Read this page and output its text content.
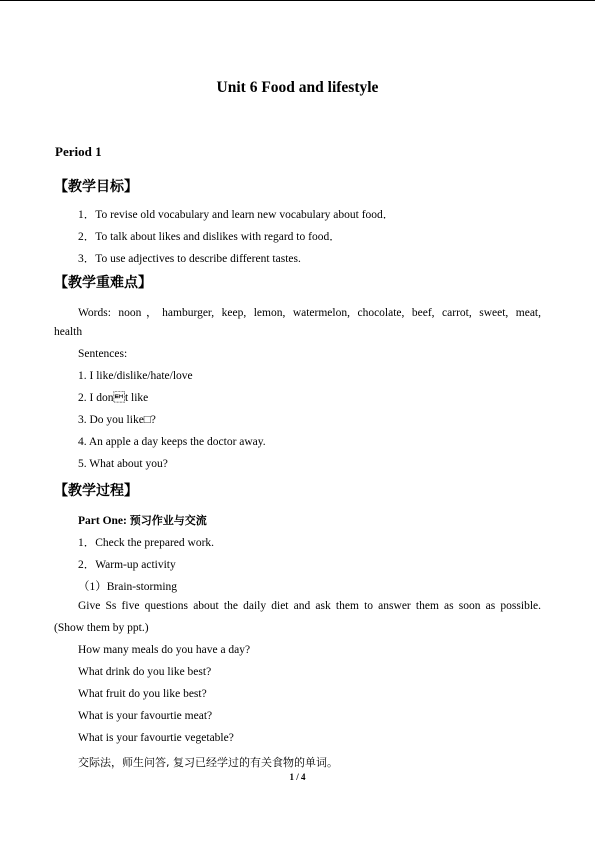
Unit 6 Food and lifestyle
Period 1
【教学目标】
1．To revise old vocabulary and learn new vocabulary about food．
2．To talk about likes and dislikes with regard to food．
3．To use adjectives to describe different tastes.
【教学重难点】
Words: noon，hamburger, keep, lemon, watermelon, chocolate, beef, carrot, sweet, meat,
health
Sentences:
1. I like/dislike/hate/love
2. I dont like
3. Do you like□?
4. An apple a day keeps the doctor away.
5. What about you?
【教学过程】
Part One: 预习作业与交流
1．Check the prepared work.
2．Warm-up activity
（1）Brain-storming
Give Ss five questions about the daily diet and ask them to answer them as soon as possible.
(Show them by ppt.)
How many meals do you have a day?
What drink do you like best?
What fruit do you like best?
What is your favourtie meat?
What is your favourtie vegetable?
交际法，师生问答, 复习已经学过的有关食物的单词。
1 / 4
